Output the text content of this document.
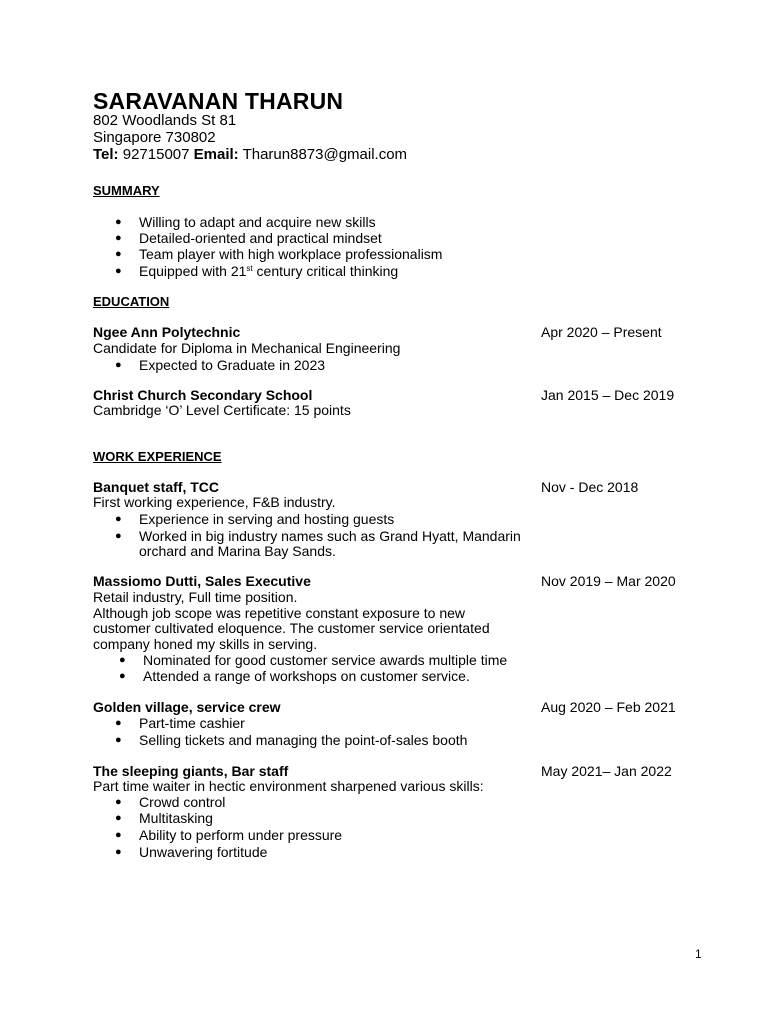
SARAVANAN THARUN
802 Woodlands St 81
Singapore 730802
Tel: 92715007 Email: Tharun8873@gmail.com
SUMMARY
● Willing to adapt and acquire new skills
● Detailed-oriented and practical mindset
● Team player with high workplace professionalism
● Equipped with 21st century critical thinking
EDUCATION
Ngee Ann Polytechnic	Apr 2020 – Present
Candidate for Diploma in Mechanical Engineering
● Expected to Graduate in 2023
Christ Church Secondary School	Jan 2015 – Dec 2019
Cambridge ‘O’ Level Certificate: 15 points
WORK EXPERIENCE
Banquet staff, TCC	Nov - Dec 2018
First working experience, F&B industry.
● Experience in serving and hosting guests
● Worked in big industry names such as Grand Hyatt, Mandarin
orchard and Marina Bay Sands.
Massiomo Dutti, Sales Executive	Nov 2019 – Mar 2020
Retail industry, Full time position.
Although job scope was repetitive constant exposure to new
customer cultivated eloquence. The customer service orientated
company honed my skills in serving.
● Nominated for good customer service awards multiple time
● Attended a range of workshops on customer service.
Golden village, service crew	Aug 2020 – Feb 2021
● Part-time cashier
● Selling tickets and managing the point-of-sales booth
The sleeping giants, Bar staff	May 2021– Jan 2022
Part time waiter in hectic environment sharpened various skills:
● Crowd control
● Multitasking
● Ability to perform under pressure
● Unwavering fortitude
1
